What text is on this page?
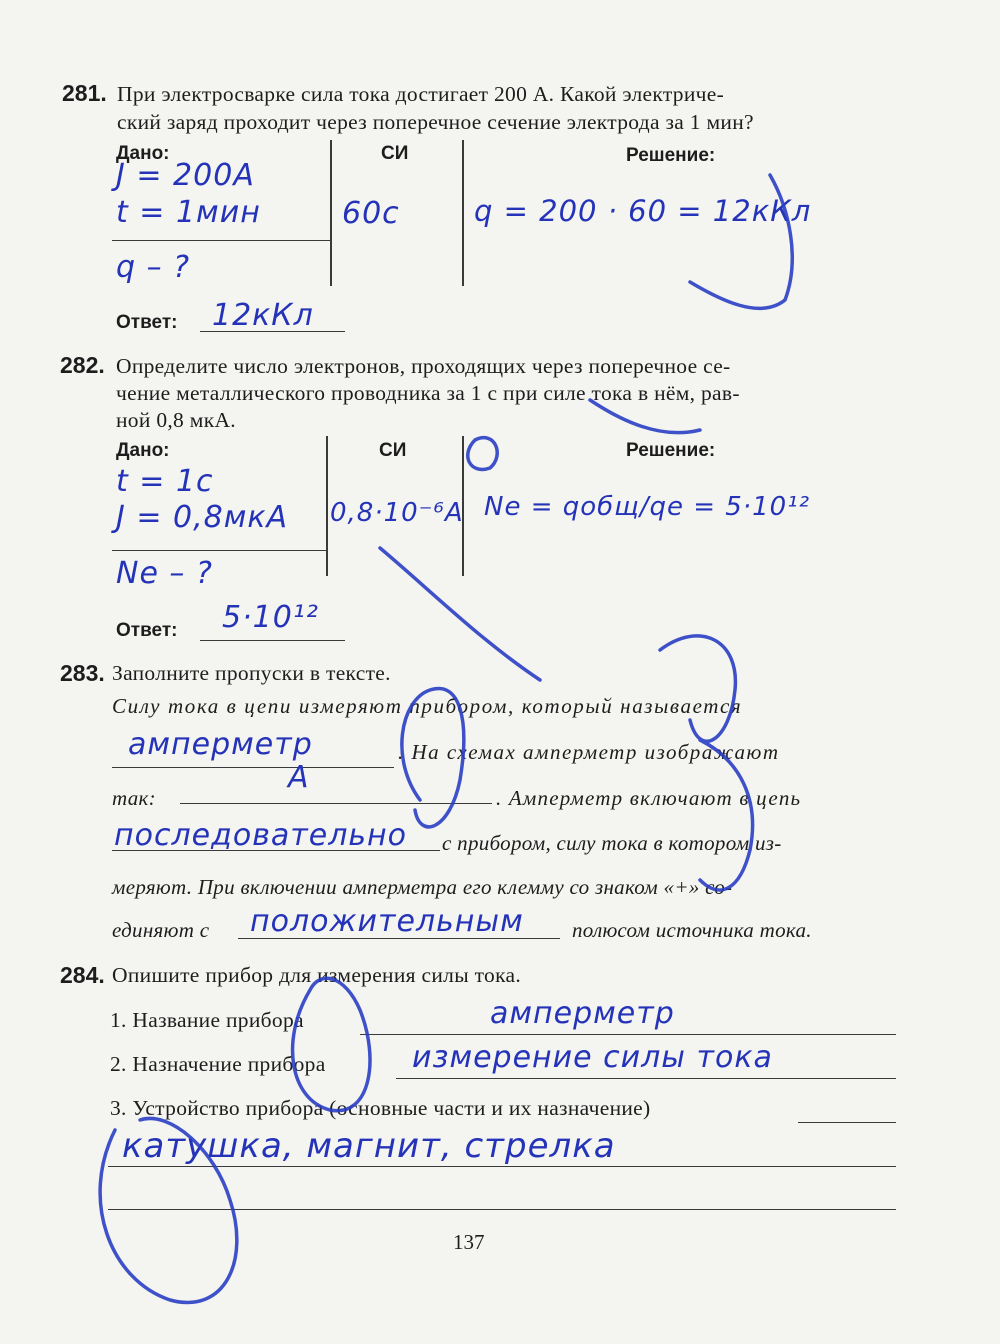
281. При электросварке сила тока достигает 200 А. Какой электриче-
ский заряд проходит через поперечное сечение электрода за 1 мин?
Дано:	СИ	Решение:
J = 200A
t = 1мин
q – ?
60с	q = 200 · 60 = 12кКл
Ответ: 12кКл
282. Определите число электронов, проходящих через поперечное се-
чение металлического проводника за 1 с при силе тока в нём, рав-
ной 0,8 мкА.
Дано:	СИ	Решение:
t = 1с
J = 0,8мкА
Nе – ?
0,8·10⁻⁶A Nе = qобщ/qe = 5·10¹²
Ответ: 5·10¹²
283. Заполните пропуски в тексте.
Силу тока в цепи измеряют прибором, который называется
амперметр	. На схемах амперметр изображают
так:
А
. Амперметр включают в цепь
последовательно с прибором, силу тока в котором из-
меряют. При включении амперметра его клемму со знаком «+» со-
единяют с положительным полюсом источника тока.
284. Опишите прибор для измерения силы тока.
1. Название прибора	амперметр
2. Назначение прибора	измерение силы тока
3. Устройство прибора (основные части и их назначение)
катушка, магнит, стрелка
137
